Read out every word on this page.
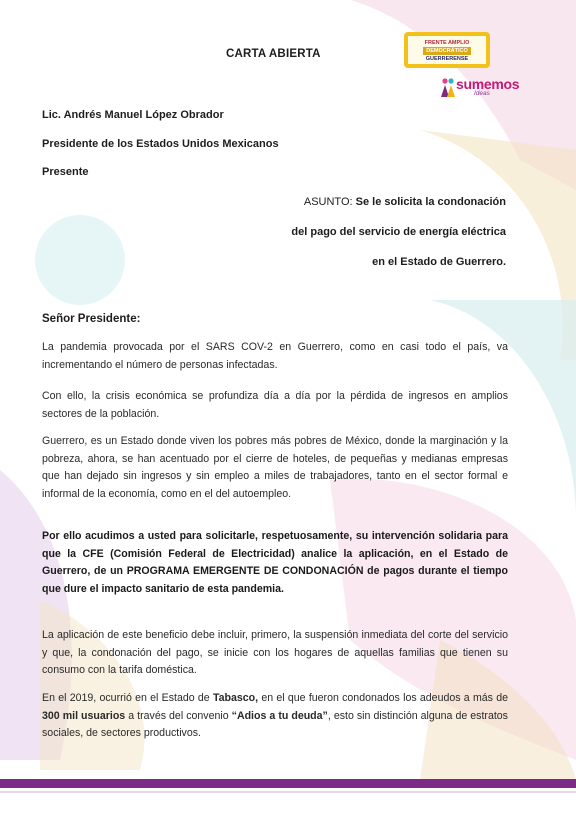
CARTA ABIERTA
FRENTE AMPLIO
DEMOCRÁTICO
GUERRERENSE
sumemos
Ideas
Lic. Andrés Manuel López Obrador
Presidente de los Estados Unidos Mexicanos
Presente
ASUNTO: Se le solicita la condonación
del pago del servicio de energía eléctrica
en el Estado de Guerrero.
Señor Presidente:
La pandemia provocada por el SARS COV-2 en Guerrero, como en casi todo el país, va incrementando el número de personas infectadas.
Con ello, la crisis económica se profundiza día a día por la pérdida de ingresos en amplios sectores de la población.
Guerrero, es un Estado donde viven los pobres más pobres de México, donde la marginación y la pobreza, ahora, se han acentuado por el cierre de hoteles, de pequeñas y medianas empresas que han dejado sin ingresos y sin empleo a miles de trabajadores, tanto en el sector formal e informal de la economía, como en el del autoempleo.
Por ello acudimos a usted para solicitarle, respetuosamente, su intervención solidaria para que la CFE (Comisión Federal de Electricidad) analice la aplicación, en el Estado de Guerrero, de un PROGRAMA EMERGENTE DE CONDONACIÓN de pagos durante el tiempo que dure el impacto sanitario de esta pandemia.
La aplicación de este beneficio debe incluir, primero, la suspensión inmediata del corte del servicio y que, la condonación del pago, se inicie con los hogares de aquellas familias que tienen su consumo con la tarifa doméstica.
En el 2019, ocurrió en el Estado de Tabasco, en el que fueron condonados los adeudos a más de 300 mil usuarios a través del convenio “Adios a tu deuda”, esto sin distinción alguna de estratos sociales, de sectores productivos.
